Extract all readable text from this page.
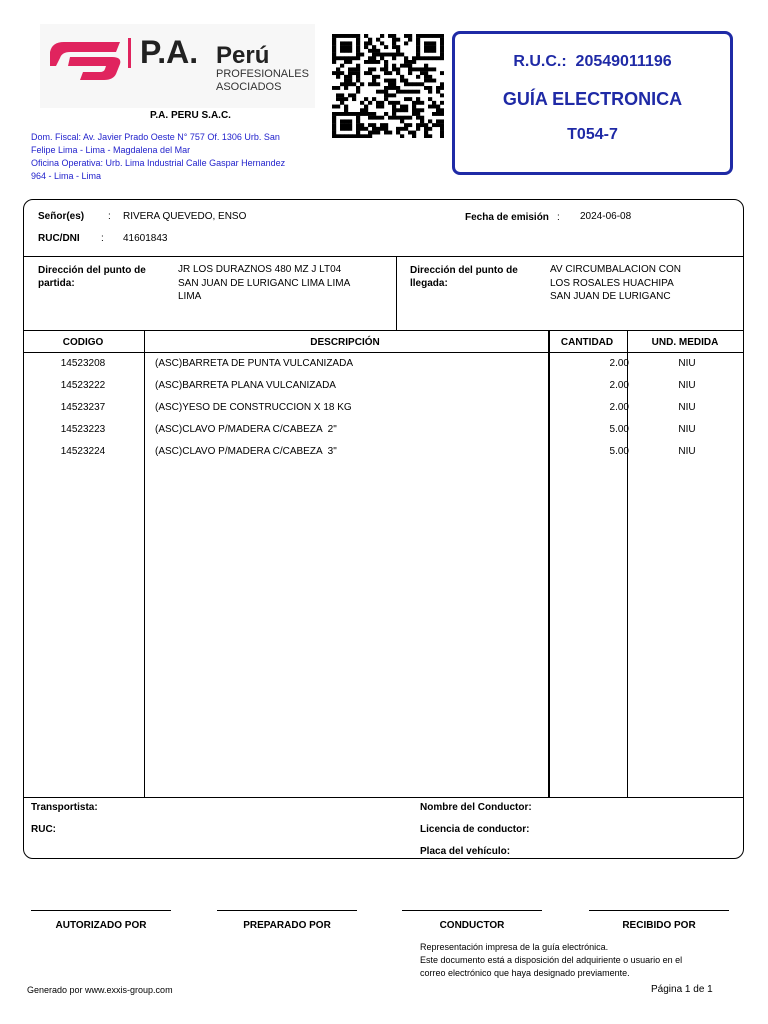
P.A. Perú
PROFESIONALES
ASOCIADOS
P.A. PERU S.A.C.
Dom. Fiscal: Av. Javier Prado Oeste N° 757 Of. 1306 Urb. San
Felipe Lima - Lima - Magdalena del Mar
Oficina Operativa: Urb. Lima Industrial Calle Gaspar Hernandez
964 - Lima - Lima
R.U.C.: 20549011196
GUÍA ELECTRONICA
T054-7
Señor(es) : RIVERA QUEVEDO, ENSO
RUC/DNI : 41601843
Fecha de emisión : 2024-06-08
Dirección del punto de
partida:
JR LOS DURAZNOS 480 MZ J LT04
SAN JUAN DE LURIGANC LIMA LIMA
LIMA
Dirección del punto de
llegada:
AV CIRCUMBALACION CON
LOS ROSALES HUACHIPA
SAN JUAN DE LURIGANC
CODIGO	DESCRIPCIÓN	CANTIDAD	UND. MEDIDA
14523208	(ASC)BARRETA DE PUNTA VULCANIZADA	2.00	NIU
14523222	(ASC)BARRETA PLANA VULCANIZADA	2.00	NIU
14523237	(ASC)YESO DE CONSTRUCCION X 18 KG	2.00	NIU
14523223	(ASC)CLAVO P/MADERA C/CABEZA  2"	5.00	NIU
14523224	(ASC)CLAVO P/MADERA C/CABEZA  3"	5.00	NIU
Transportista:
RUC:
Nombre del Conductor:
Licencia de conductor:
Placa del vehículo:
AUTORIZADO POR	PREPARADO POR	CONDUCTOR	RECIBIDO POR
Representación impresa de la guía electrónica.
Este documento está a disposición del adquiriente o usuario en el
correo electrónico que haya designado previamente.
Generado por www.exxis-group.com	Página 1 de 1
